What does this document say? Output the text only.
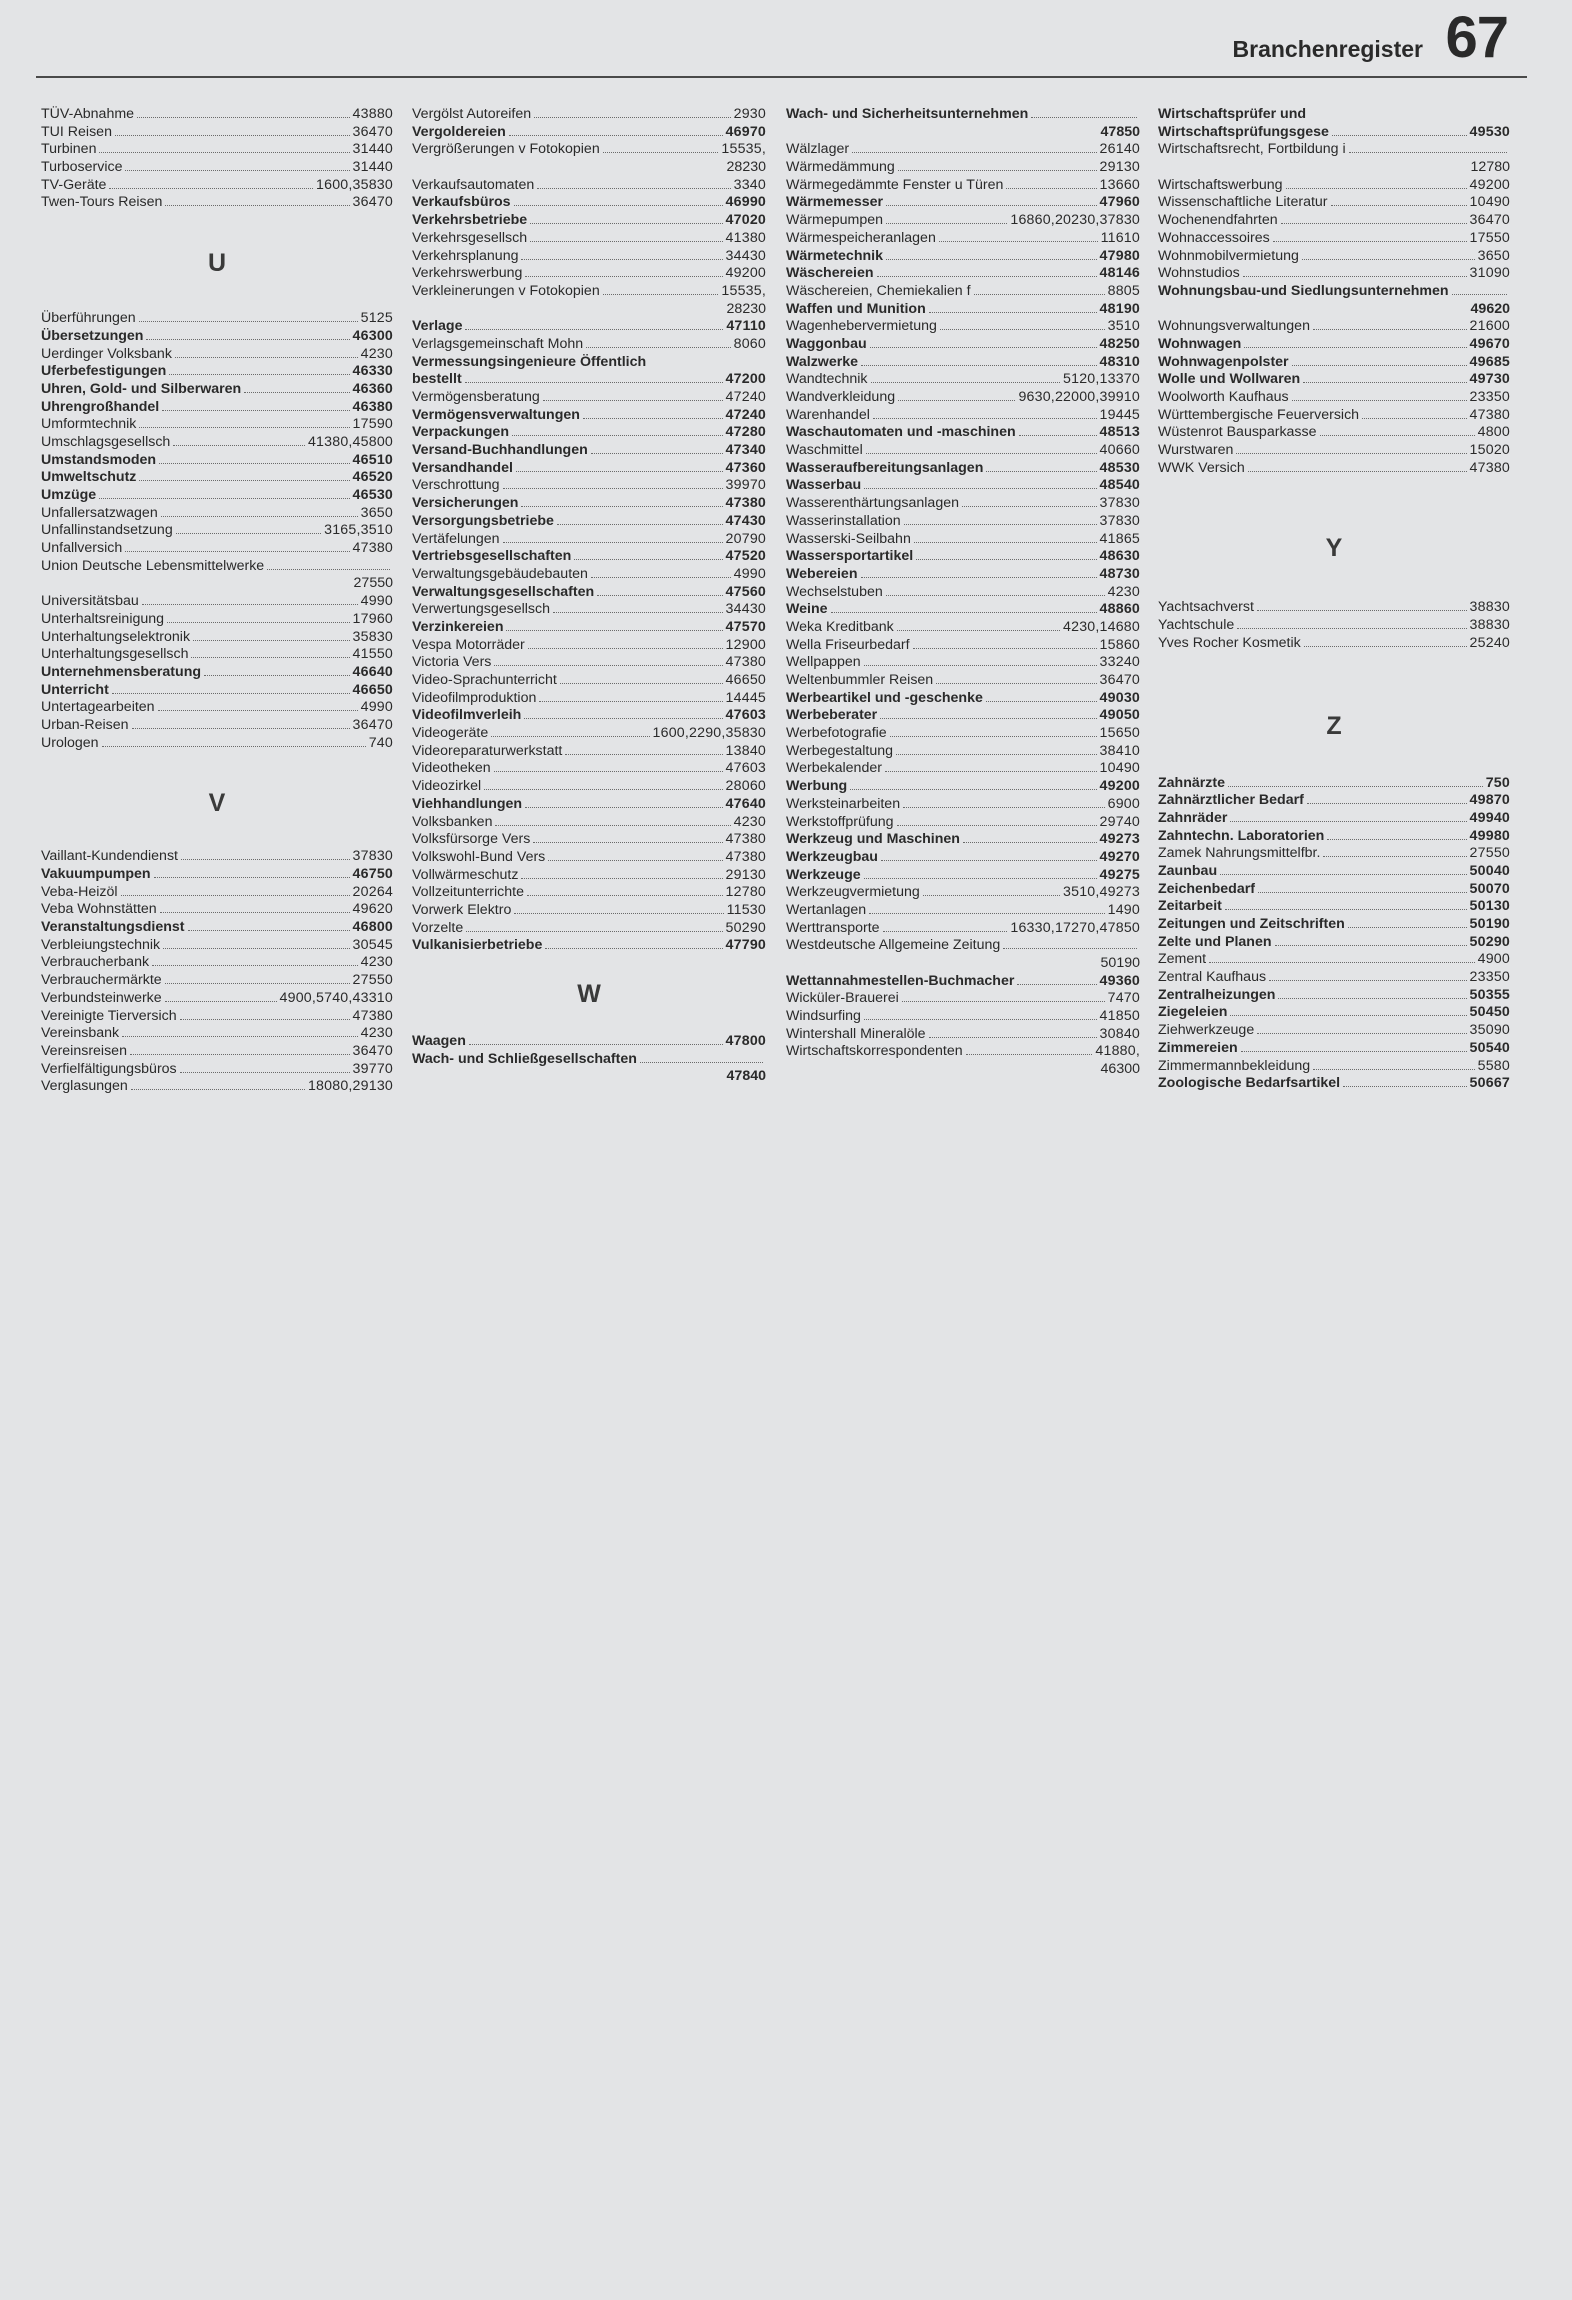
Branchenregister 67
TÜV-Abnahme	43880
TUI Reisen	36470
Turbinen	31440
Turboservice	31440
TV-Geräte	1600,35830
Twen-Tours Reisen	36470
U
Überführungen	5125
Übersetzungen	46300
Uerdinger Volksbank	4230
Uferbefestigungen	46330
Uhren, Gold- und Silberwaren	46360
Uhrengroßhandel	46380
Umformtechnik	17590
Umschlagsgesellsch	41380,45800
Umstandsmoden	46510
Umweltschutz	46520
Umzüge	46530
Unfallersatzwagen	3650
Unfallinstandsetzung	3165,3510
Unfallversich	47380
Union Deutsche Lebensmittelwerke
27550
Universitätsbau	4990
Unterhaltsreinigung	17960
Unterhaltungselektronik	35830
Unterhaltungsgesellsch	41550
Unternehmensberatung	46640
Unterricht	46650
Untertagearbeiten	4990
Urban-Reisen	36470
Urologen	740
V
Vaillant-Kundendienst	37830
Vakuumpumpen	46750
Veba-Heizöl	20264
Veba Wohnstätten	49620
Veranstaltungsdienst	46800
Verbleiungstechnik	30545
Verbraucherbank	4230
Verbrauchermärkte	27550
Verbundsteinwerke	4900,5740,43310
Vereinigte Tierversich	47380
Vereinsbank	4230
Vereinsreisen	36470
Verfielfältigungsbüros	39770
Verglasungen	18080,29130
Vergölst Autoreifen	2930
Vergoldereien	46970
Vergrößerungen v Fotokopien	15535,
28230
Verkaufsautomaten	3340
Verkaufsbüros	46990
Verkehrsbetriebe	47020
Verkehrsgesellsch	41380
Verkehrsplanung	34430
Verkehrswerbung	49200
Verkleinerungen v Fotokopien	15535,
28230
Verlage	47110
Verlagsgemeinschaft Mohn	8060
Vermessungsingenieure Öffentlich
bestellt	47200
Vermögensberatung	47240
Vermögensverwaltungen	47240
Verpackungen	47280
Versand-Buchhandlungen	47340
Versandhandel	47360
Verschrottung	39970
Versicherungen	47380
Versorgungsbetriebe	47430
Vertäfelungen	20790
Vertriebsgesellschaften	47520
Verwaltungsgebäudebauten	4990
Verwaltungsgesellschaften	47560
Verwertungsgesellsch	34430
Verzinkereien	47570
Vespa Motorräder	12900
Victoria Vers	47380
Video-Sprachunterricht	46650
Videofilmproduktion	14445
Videofilmverleih	47603
Videogeräte	1600,2290,35830
Videoreparaturwerkstatt	13840
Videotheken	47603
Videozirkel	28060
Viehhandlungen	47640
Volksbanken	4230
Volksfürsorge Vers	47380
Volkswohl-Bund Vers	47380
Vollwärmeschutz	29130
Vollzeitunterrichte	12780
Vorwerk Elektro	11530
Vorzelte	50290
Vulkanisierbetriebe	47790
W
Waagen	47800
Wach- und Schließgesellschaften
47840
Wach- und Sicherheitsunternehmen
47850
Wälzlager	26140
Wärmedämmung	29130
Wärmegedämmte Fenster u Türen	13660
Wärmemesser	47960
Wärmepumpen	16860,20230,37830
Wärmespeicheranlagen	11610
Wärmetechnik	47980
Wäschereien	48146
Wäschereien, Chemiekalien f	8805
Waffen und Munition	48190
Wagenhebervermietung	3510
Waggonbau	48250
Walzwerke	48310
Wandtechnik	5120,13370
Wandverkleidung	9630,22000,39910
Warenhandel	19445
Waschautomaten und -maschinen	48513
Waschmittel	40660
Wasseraufbereitungsanlagen	48530
Wasserbau	48540
Wasserenthärtungsanlagen	37830
Wasserinstallation	37830
Wasserski-Seilbahn	41865
Wassersportartikel	48630
Webereien	48730
Wechselstuben	4230
Weine	48860
Weka Kreditbank	4230,14680
Wella Friseurbedarf	15860
Wellpappen	33240
Weltenbummler Reisen	36470
Werbeartikel und -geschenke	49030
Werbeberater	49050
Werbefotografie	15650
Werbegestaltung	38410
Werbekalender	10490
Werbung	49200
Werksteinarbeiten	6900
Werkstoffprüfung	29740
Werkzeug und Maschinen	49273
Werkzeugbau	49270
Werkzeuge	49275
Werkzeugvermietung	3510,49273
Wertanlagen	1490
Werttransporte	16330,17270,47850
Westdeutsche Allgemeine Zeitung
50190
Wettannahmestellen-Buchmacher	49360
Wicküler-Brauerei	7470
Windsurfing	41850
Wintershall Mineralöle	30840
Wirtschaftskorrespondenten	41880,
46300
Wirtschaftsprüfer und
Wirtschaftsprüfungsgese	49530
Wirtschaftsrecht, Fortbildung i
12780
Wirtschaftswerbung	49200
Wissenschaftliche Literatur	10490
Wochenendfahrten	36470
Wohnaccessoires	17550
Wohnmobilvermietung	3650
Wohnstudios	31090
Wohnungsbau-und Siedlungsunternehmen
49620
Wohnungsverwaltungen	21600
Wohnwagen	49670
Wohnwagenpolster	49685
Wolle und Wollwaren	49730
Woolworth Kaufhaus	23350
Württembergische Feuerversich	47380
Wüstenrot Bausparkasse	4800
Wurstwaren	15020
WWK Versich	47380
Y
Yachtsachverst	38830
Yachtschule	38830
Yves Rocher Kosmetik	25240
Z
Zahnärzte	750
Zahnärztlicher Bedarf	49870
Zahnräder	49940
Zahntechn. Laboratorien	49980
Zamek Nahrungsmittelfbr.	27550
Zaunbau	50040
Zeichenbedarf	50070
Zeitarbeit	50130
Zeitungen und Zeitschriften	50190
Zelte und Planen	50290
Zement	4900
Zentral Kaufhaus	23350
Zentralheizungen	50355
Ziegeleien	50450
Ziehwerkzeuge	35090
Zimmereien	50540
Zimmermannbekleidung	5580
Zoologische Bedarfsartikel	50667
